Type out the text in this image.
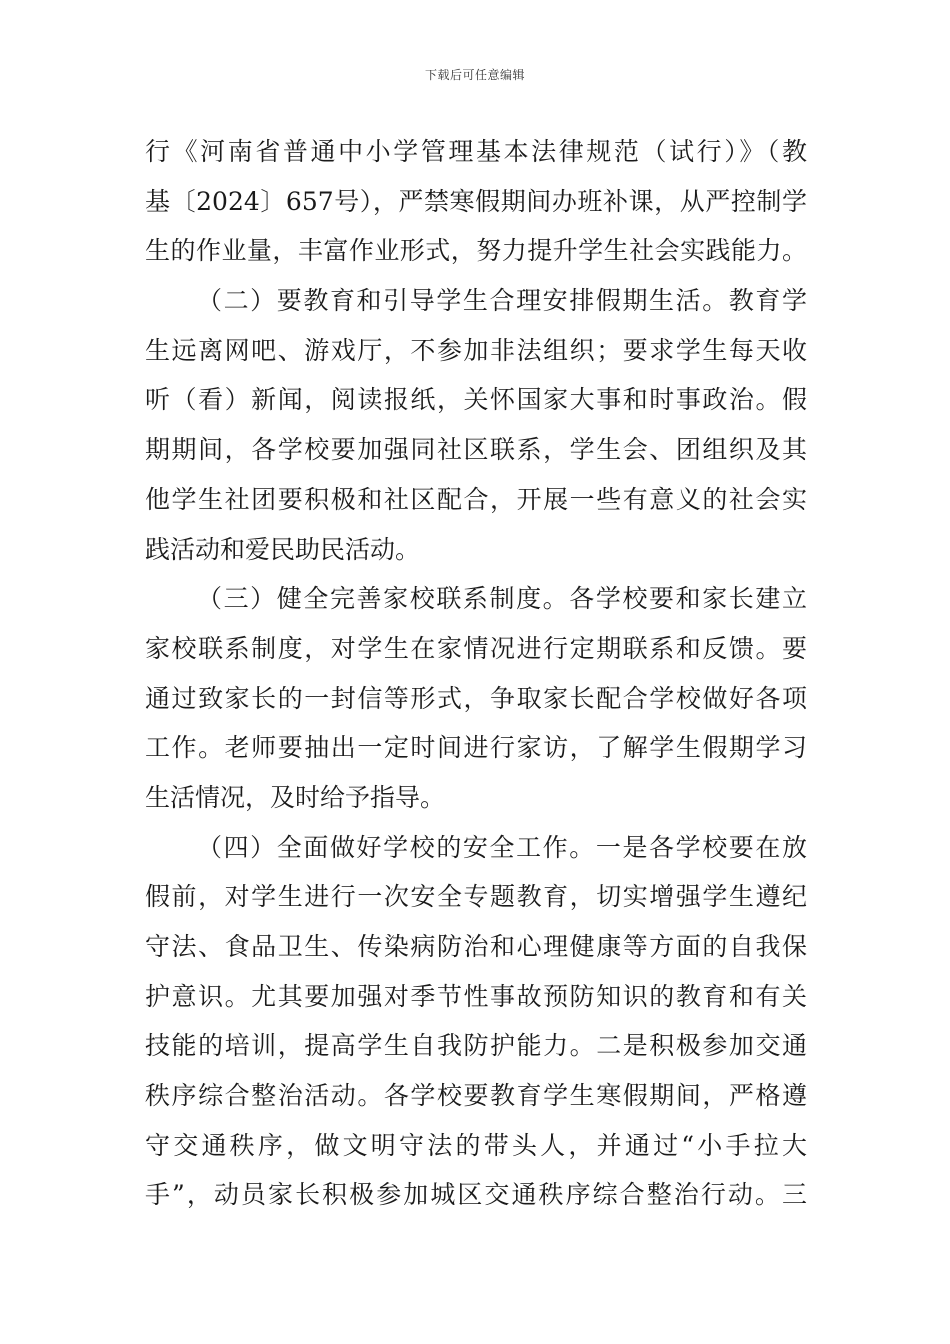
下载后可任意编辑
行《河南省普通中小学管理基本法律规范（试行）》（教
基〔2024〕657号），严禁寒假期间办班补课，从严控制学
生的作业量，丰富作业形式，努力提升学生社会实践能力。
（二）要教育和引导学生合理安排假期生活。教育学
生远离网吧、游戏厅，不参加非法组织；要求学生每天收
听（看）新闻，阅读报纸，关怀国家大事和时事政治。假
期期间，各学校要加强同社区联系，学生会、团组织及其
他学生社团要积极和社区配合，开展一些有意义的社会实
践活动和爱民助民活动。
（三）健全完善家校联系制度。各学校要和家长建立
家校联系制度，对学生在家情况进行定期联系和反馈。要
通过致家长的一封信等形式，争取家长配合学校做好各项
工作。老师要抽出一定时间进行家访，了解学生假期学习
生活情况，及时给予指导。
（四）全面做好学校的安全工作。一是各学校要在放
假前，对学生进行一次安全专题教育，切实增强学生遵纪
守法、食品卫生、传染病防治和心理健康等方面的自我保
护意识。尤其要加强对季节性事故预防知识的教育和有关
技能的培训，提高学生自我防护能力。二是积极参加交通
秩序综合整治活动。各学校要教育学生寒假期间，严格遵
守交通秩序，做文明守法的带头人，并通过“小手拉大
手”，动员家长积极参加城区交通秩序综合整治行动。三
